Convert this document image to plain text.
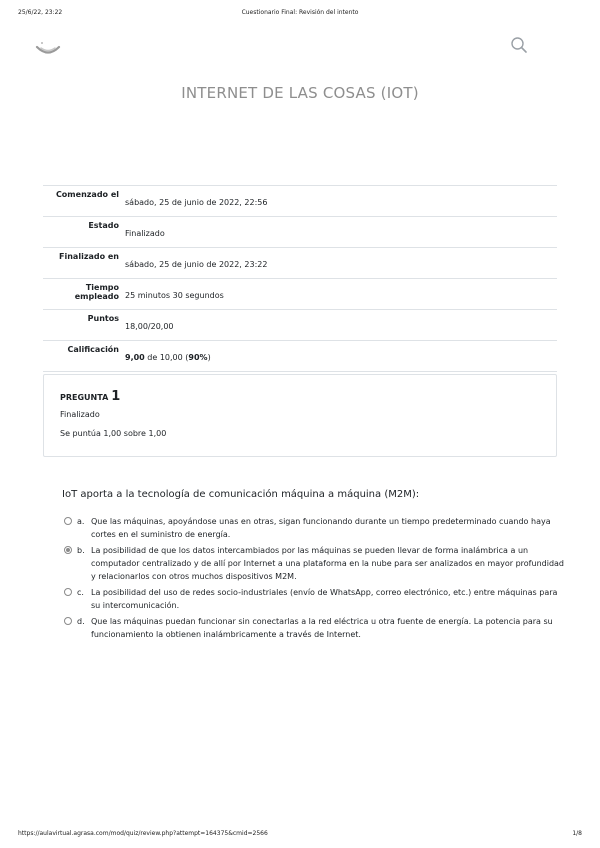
25/6/22, 23:22	Cuestionario Final: Revisión del intento
INTERNET DE LAS COSAS (IOT)
Comenzado el
sábado, 25 de junio de 2022, 22:56
Estado
Finalizado
Finalizado en
sábado, 25 de junio de 2022, 23:22
Tiempo empleado 25 minutos 30 segundos
Puntos
18,00/20,00
Calificación
9,00 de 10,00 (90%)
PREGUNTA 1
Finalizado
Se puntúa 1,00 sobre 1,00
IoT aporta a la tecnología de comunicación máquina a máquina (M2M):
a. Que las máquinas, apoyándose unas en otras, sigan funcionando durante un tiempo predeterminado cuando haya cortes en el suministro de energía.
b. La posibilidad de que los datos intercambiados por las máquinas se pueden llevar de forma inalámbrica a un computador centralizado y de allí por Internet a una plataforma en la nube para ser analizados en mayor profundidad y relacionarlos con otros muchos dispositivos M2M.
c. La posibilidad del uso de redes socio-industriales (envío de WhatsApp, correo electrónico, etc.) entre máquinas para su intercomunicación.
d. Que las máquinas puedan funcionar sin conectarlas a la red eléctrica u otra fuente de energía. La potencia para su funcionamiento la obtienen inalámbricamente a través de Internet.
https://aulavirtual.agrasa.com/mod/quiz/review.php?attempt=164375&cmid=2566	1/8
